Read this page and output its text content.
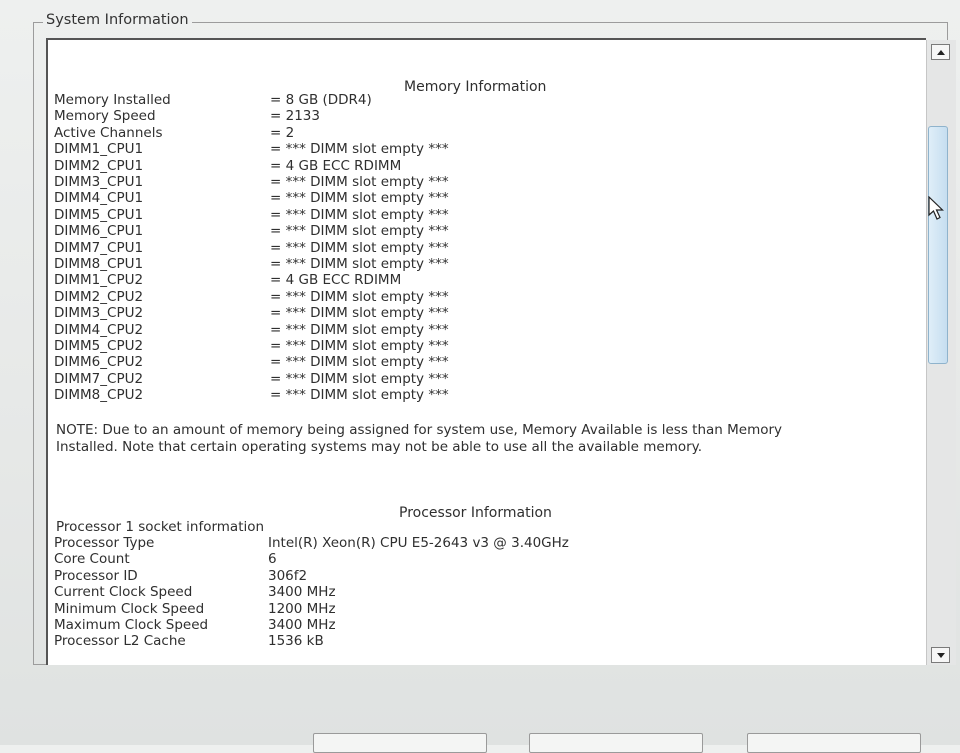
System Information
Memory Information
Memory Installed	= 8 GB (DDR4)
Memory Speed	= 2133
Active Channels	= 2
DIMM1_CPU1	= *** DIMM slot empty ***
DIMM2_CPU1	= 4 GB ECC RDIMM
DIMM3_CPU1	= *** DIMM slot empty ***
DIMM4_CPU1	= *** DIMM slot empty ***
DIMM5_CPU1	= *** DIMM slot empty ***
DIMM6_CPU1	= *** DIMM slot empty ***
DIMM7_CPU1	= *** DIMM slot empty ***
DIMM8_CPU1	= *** DIMM slot empty ***
DIMM1_CPU2	= 4 GB ECC RDIMM
DIMM2_CPU2	= *** DIMM slot empty ***
DIMM3_CPU2	= *** DIMM slot empty ***
DIMM4_CPU2	= *** DIMM slot empty ***
DIMM5_CPU2	= *** DIMM slot empty ***
DIMM6_CPU2	= *** DIMM slot empty ***
DIMM7_CPU2	= *** DIMM slot empty ***
DIMM8_CPU2	= *** DIMM slot empty ***
NOTE: Due to an amount of memory being assigned for system use, Memory Available is less than Memory Installed. Note that certain operating systems may not be able to use all the available memory.
Processor Information
Processor 1 socket information
Processor Type	Intel(R) Xeon(R) CPU E5-2643 v3 @ 3.40GHz
Core Count	6
Processor ID	306f2
Current Clock Speed	3400 MHz
Minimum Clock Speed	1200 MHz
Maximum Clock Speed	3400 MHz
Processor L2 Cache	1536 kB
